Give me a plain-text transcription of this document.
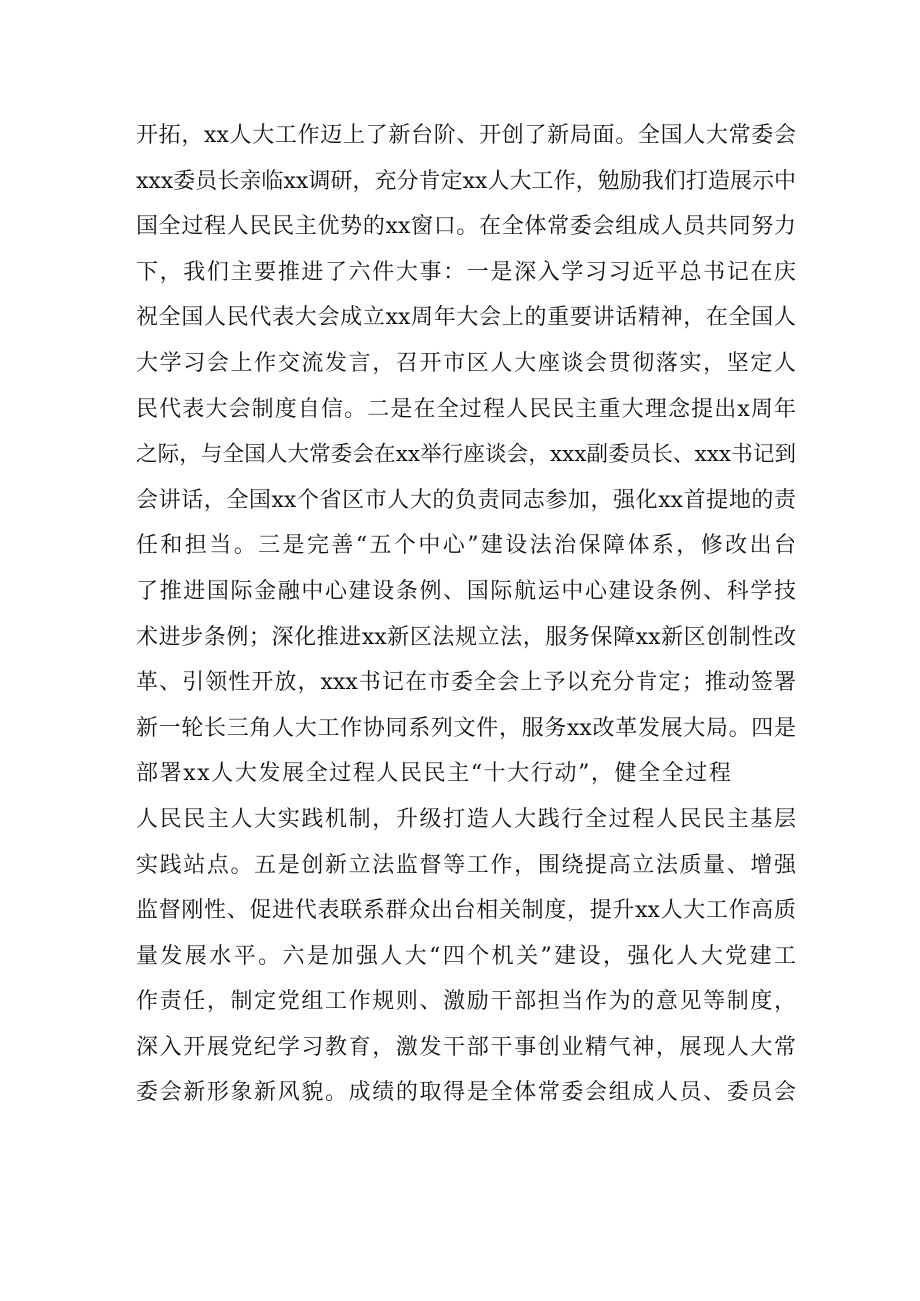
开拓，xx人大工作迈上了新台阶、开创了新局面。全国人大常委会
xxx委员长亲临xx调研，充分肯定xx人大工作，勉励我们打造展示中
国全过程人民民主优势的xx窗口。在全体常委会组成人员共同努力
下，我们主要推进了六件大事：一是深入学习习近平总书记在庆
祝全国人民代表大会成立xx周年大会上的重要讲话精神，在全国人
大学习会上作交流发言，召开市区人大座谈会贯彻落实，坚定人
民代表大会制度自信。二是在全过程人民民主重大理念提出x周年
之际，与全国人大常委会在xx举行座谈会，xxx副委员长、xxx书记到
会讲话，全国xx个省区市人大的负责同志参加，强化xx首提地的责
任和担当。三是完善“五个中心”建设法治保障体系，修改出台
了推进国际金融中心建设条例、国际航运中心建设条例、科学技
术进步条例；深化推进xx新区法规立法，服务保障xx新区创制性改
革、引领性开放，xxx书记在市委全会上予以充分肯定；推动签署
新一轮长三角人大工作协同系列文件，服务xx改革发展大局。四是
部署xx人大发展全过程人民民主“十大行动”，健全全过程
人民民主人大实践机制，升级打造人大践行全过程人民民主基层
实践站点。五是创新立法监督等工作，围绕提高立法质量、增强
监督刚性、促进代表联系群众出台相关制度，提升xx人大工作高质
量发展水平。六是加强人大“四个机关”建设，强化人大党建工
作责任，制定党组工作规则、激励干部担当作为的意见等制度，
深入开展党纪学习教育，激发干部干事创业精气神，展现人大常
委会新形象新风貌。成绩的取得是全体常委会组成人员、委员会
